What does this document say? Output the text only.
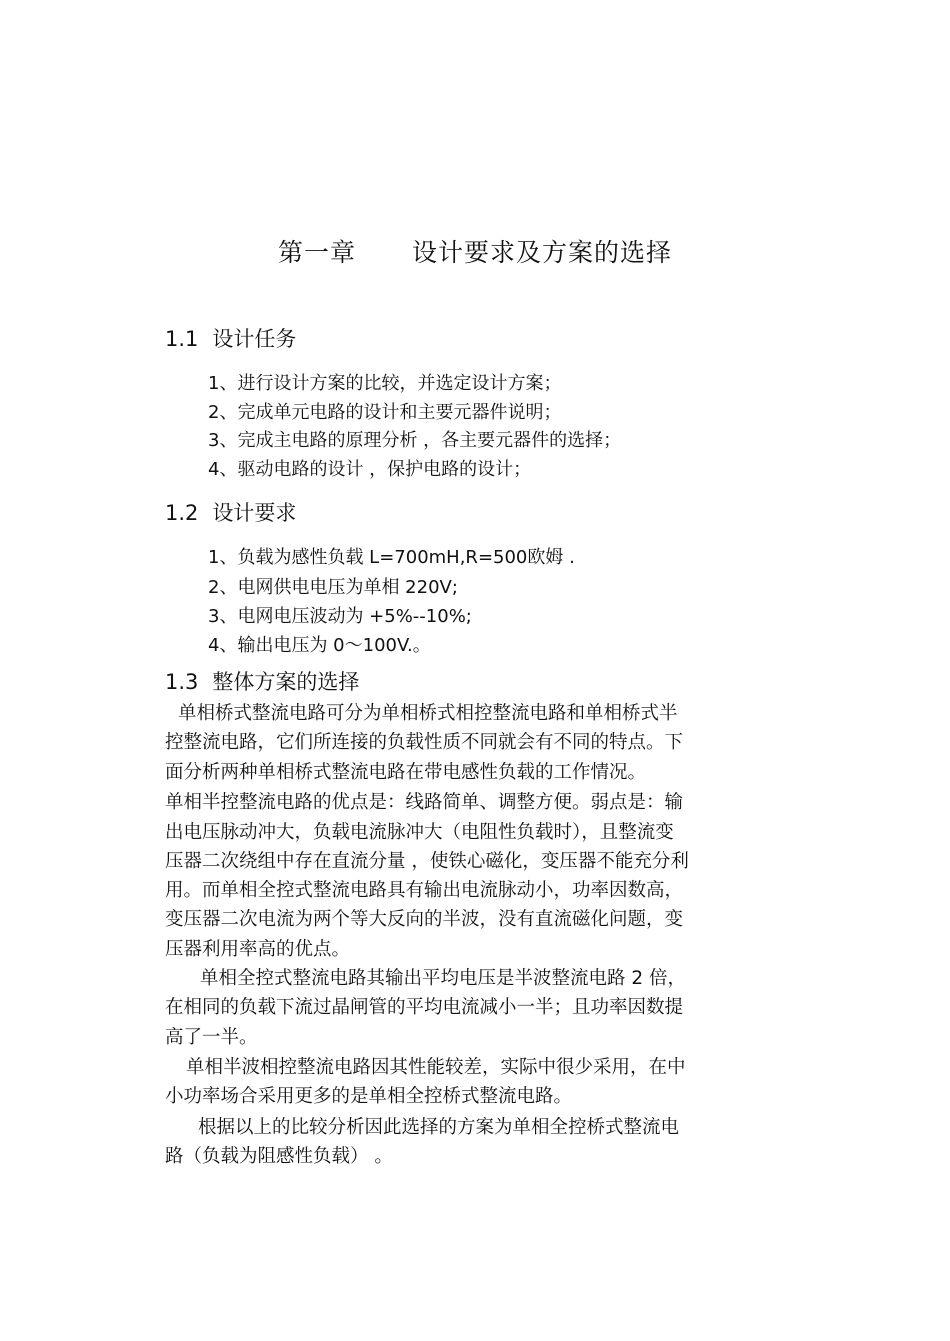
第一章 设计要求及方案的选择
1.1 设计任务
1、进行设计方案的比较，并选定设计方案；
2、完成单元电路的设计和主要元器件说明；
3、完成主电路的原理分析 ，各主要元器件的选择；
4、驱动电路的设计 ，保护电路的设计；
1.2 设计要求
1、负载为感性负载 L=700mH,R=500欧姆 .
2、电网供电电压为单相 220V;
3、电网电压波动为 +5%--10%;
4、输出电压为 0～100V.。
1.3 整体方案的选择
单相桥式整流电路可分为单相桥式相控整流电路和单相桥式半
控整流电路，它们所连接的负载性质不同就会有不同的特点。下
面分析两种单相桥式整流电路在带电感性负载的工作情况。
单相半控整流电路的优点是：线路简单、调整方便。弱点是：输
出电压脉动冲大，负载电流脉冲大（电阻性负载时），且整流变
压器二次绕组中存在直流分量 ，使铁心磁化，变压器不能充分利
用。而单相全控式整流电路具有输出电流脉动小，功率因数高，
变压器二次电流为两个等大反向的半波，没有直流磁化问题，变
压器利用率高的优点。
单相全控式整流电路其输出平均电压是半波整流电路 2 倍，
在相同的负载下流过晶闸管的平均电流减小一半；且功率因数提
高了一半。
单相半波相控整流电路因其性能较差，实际中很少采用，在中
小功率场合采用更多的是单相全控桥式整流电路。
根据以上的比较分析因此选择的方案为单相全控桥式整流电
路（负载为阻感性负载） 。
